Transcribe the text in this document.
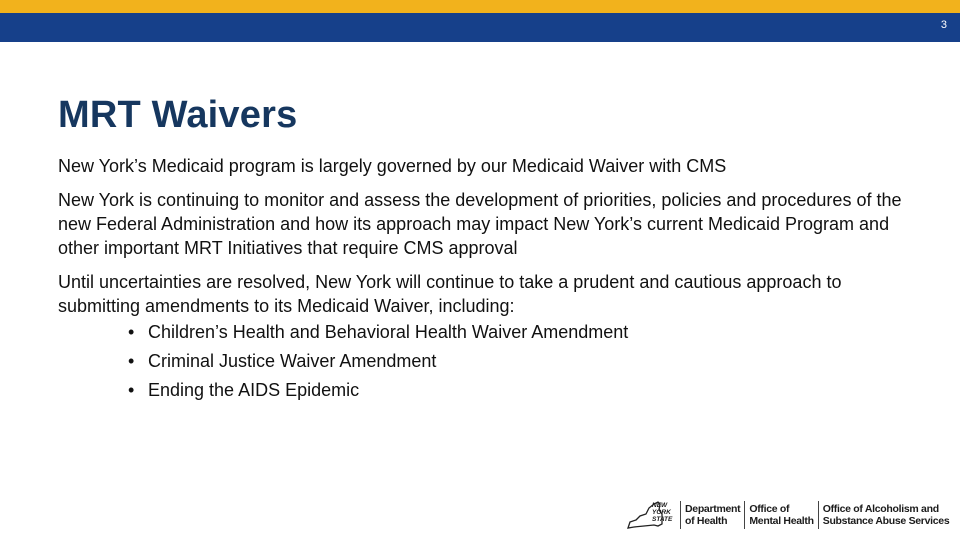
3
MRT Waivers

New York’s Medicaid program is largely governed by our Medicaid Waiver with CMS

New York is continuing to monitor and assess the development of priorities, policies and procedures of the new Federal Administration and how its approach may impact New York’s current Medicaid Program and other important MRT Initiatives that require CMS approval

Until uncertainties are resolved, New York will continue to take a prudent and cautious approach to submitting amendments to its Medicaid Waiver, including:

• Children’s Health and Behavioral Health Waiver Amendment
• Criminal Justice Waiver Amendment
• Ending the AIDS Epidemic
NEW
YORK
STATE
Department
of Health
Office of
Mental Health
Office of Alcoholism and
Substance Abuse Services
